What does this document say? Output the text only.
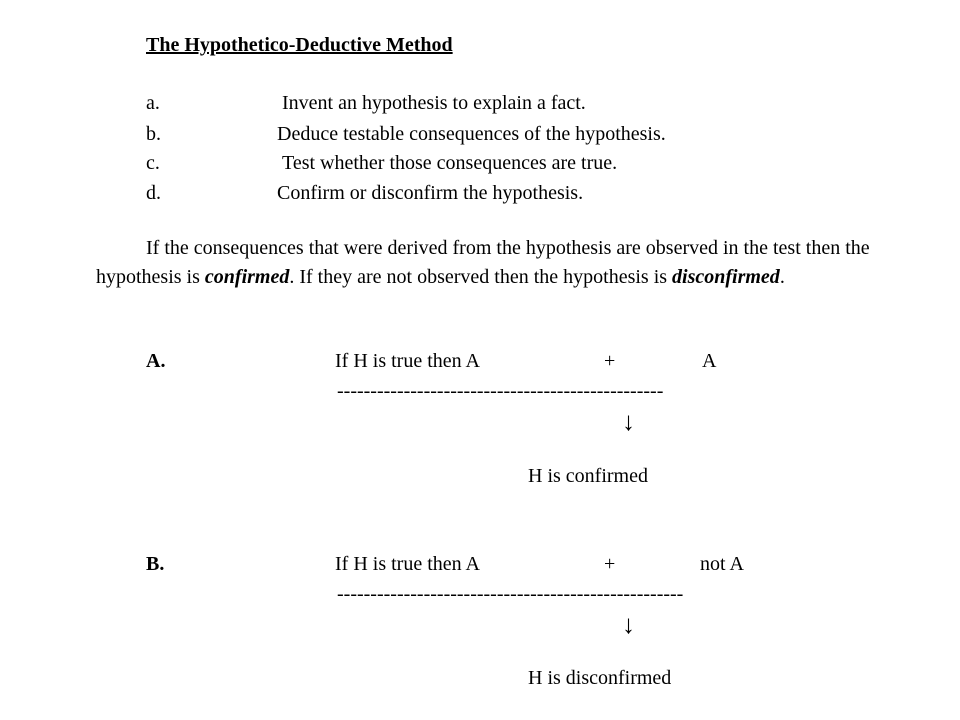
The Hypothetico-Deductive Method
a.	Invent an hypothesis to explain a fact.
b.	Deduce testable consequences of the hypothesis.
c.	Test whether those consequences are true.
d.	Confirm or disconfirm the hypothesis.
If the consequences that were derived from the hypothesis are observed in the test then the hypothesis is confirmed. If they are not observed then the hypothesis is disconfirmed.
A.	If H is true then A	+	A
-------------------------------------------------
↓
H is confirmed
B.	If H is true then A	+	not A
----------------------------------------------------
↓
H is disconfirmed
